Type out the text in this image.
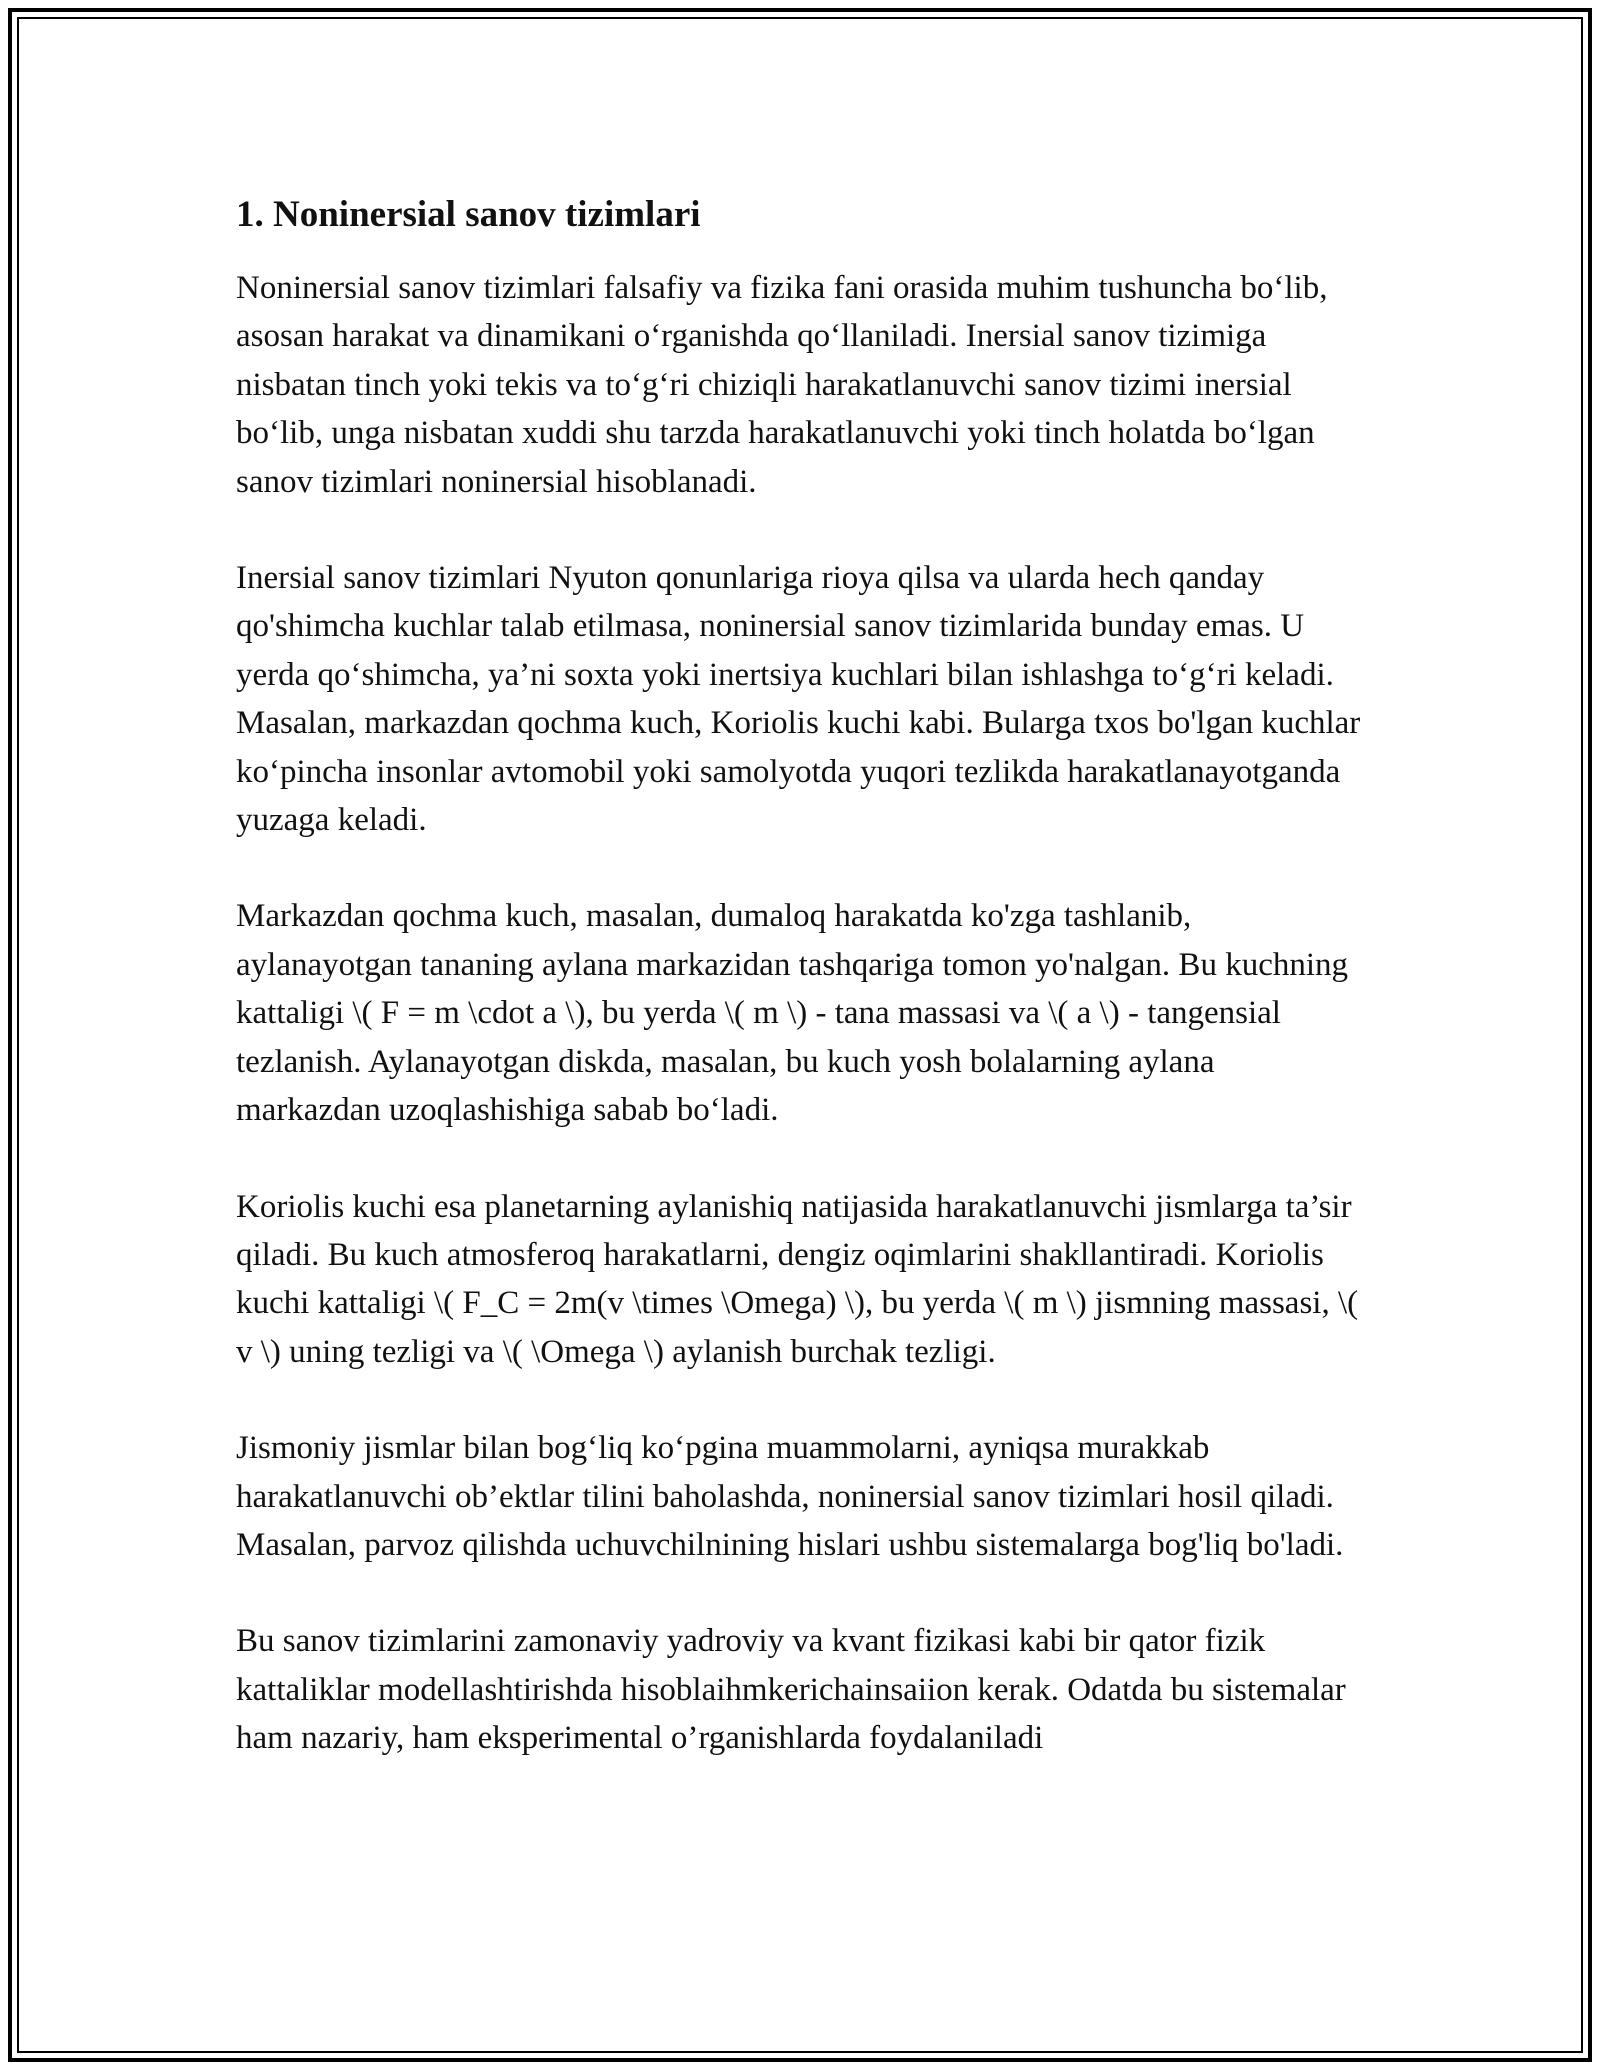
1. Noninersial sanov tizimlari

Noninersial sanov tizimlari falsafiy va fizika fani orasida muhim tushuncha bo‘lib, asosan harakat va dinamikani o‘rganishda qo‘llaniladi. Inersial sanov tizimiga nisbatan tinch yoki tekis va to‘g‘ri chiziqli harakatlanuvchi sanov tizimi inersial bo‘lib, unga nisbatan xuddi shu tarzda harakatlanuvchi yoki tinch holatda bo‘lgan sanov tizimlari noninersial hisoblanadi.

Inersial sanov tizimlari Nyuton qonunlariga rioya qilsa va ularda hech qanday qo'shimcha kuchlar talab etilmasa, noninersial sanov tizimlarida bunday emas. U yerda qo‘shimcha, ya’ni soxta yoki inertsiya kuchlari bilan ishlashga to‘g‘ri keladi. Masalan, markazdan qochma kuch, Koriolis kuchi kabi. Bularga txos bo'lgan kuchlar ko‘pincha insonlar avtomobil yoki samolyotda yuqori tezlikda harakatlanayotganda yuzaga keladi.

Markazdan qochma kuch, masalan, dumaloq harakatda ko'zga tashlanib, aylanayotgan tananing aylana markazidan tashqariga tomon yo'nalgan. Bu kuchning kattaligi \( F = m \cdot a \), bu yerda \( m \) - tana massasi va \( a \) - tangensial tezlanish. Aylanayotgan diskda, masalan, bu kuch yosh bolalarning aylana markazdan uzoqlashishiga sabab bo‘ladi.

Koriolis kuchi esa planetarning aylanishiq natijasida harakatlanuvchi jismlarga ta’sir qiladi. Bu kuch atmosferoq harakatlarni, dengiz oqimlarini shakllantiradi. Koriolis kuchi kattaligi \( F_C = 2m(v \times \Omega) \), bu yerda \( m \) jismning massasi, \( v \) uning tezligi va \( \Omega \) aylanish burchak tezligi.

Jismoniy jismlar bilan bog‘liq ko‘pgina muammolarni, ayniqsa murakkab harakatlanuvchi ob’ektlar tilini baholashda, noninersial sanov tizimlari hosil qiladi. Masalan, parvoz qilishda uchuvchilnining hislari ushbu sistemalarga bog'liq bo'ladi.

Bu sanov tizimlarini zamonaviy yadroviy va kvant fizikasi kabi bir qator fizik kattaliklar modellashtirishda hisoblaihmkerichainsaiion kerak. Odatda bu sistemalar ham nazariy, ham eksperimental o’rganishlarda foydalaniladi
